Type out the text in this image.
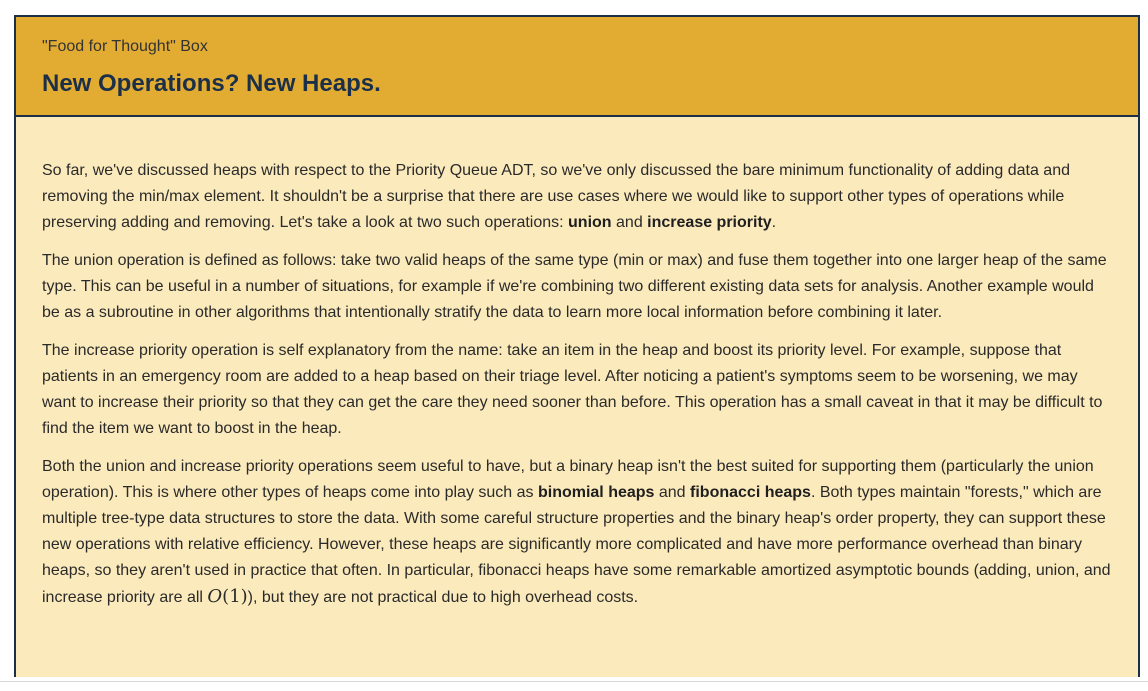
"Food for Thought" Box
New Operations? New Heaps.

So far, we've discussed heaps with respect to the Priority Queue ADT, so we've only discussed the bare minimum functionality of adding data and removing the min/max element. It shouldn't be a surprise that there are use cases where we would like to support other types of operations while preserving adding and removing. Let's take a look at two such operations: union and increase priority.

The union operation is defined as follows: take two valid heaps of the same type (min or max) and fuse them together into one larger heap of the same type. This can be useful in a number of situations, for example if we're combining two different existing data sets for analysis. Another example would be as a subroutine in other algorithms that intentionally stratify the data to learn more local information before combining it later.

The increase priority operation is self explanatory from the name: take an item in the heap and boost its priority level. For example, suppose that patients in an emergency room are added to a heap based on their triage level. After noticing a patient's symptoms seem to be worsening, we may want to increase their priority so that they can get the care they need sooner than before. This operation has a small caveat in that it may be difficult to find the item we want to boost in the heap.

Both the union and increase priority operations seem useful to have, but a binary heap isn't the best suited for supporting them (particularly the union operation). This is where other types of heaps come into play such as binomial heaps and fibonacci heaps. Both types maintain "forests," which are multiple tree-type data structures to store the data. With some careful structure properties and the binary heap's order property, they can support these new operations with relative efficiency. However, these heaps are significantly more complicated and have more performance overhead than binary heaps, so they aren't used in practice that often. In particular, fibonacci heaps have some remarkable amortized asymptotic bounds (adding, union, and increase priority are all O(1)), but they are not practical due to high overhead costs.
